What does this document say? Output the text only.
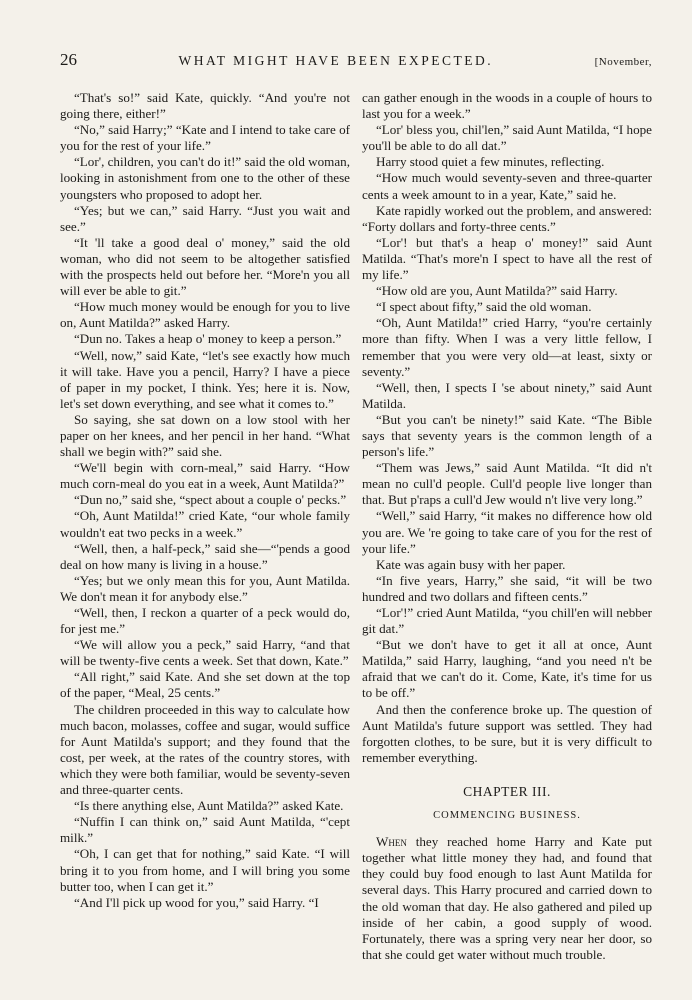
26	WHAT MIGHT HAVE BEEN EXPECTED.	[November,

“That's so!” said Kate, quickly. “And you're not going there, either!”

“No,” said Harry;” “Kate and I intend to take care of you for the rest of your life.”

“Lor', children, you can't do it!” said the old woman, looking in astonishment from one to the other of these youngsters who proposed to adopt her.

“Yes; but we can,” said Harry. “Just you wait and see.”

“It 'll take a good deal o' money,” said the old woman, who did not seem to be altogether satisfied with the prospects held out before her. “More'n you all will ever be able to git.”

“How much money would be enough for you to live on, Aunt Matilda?” asked Harry.

“Dun no. Takes a heap o' money to keep a person.”

“Well, now,” said Kate, “let's see exactly how much it will take. Have you a pencil, Harry? I have a piece of paper in my pocket, I think. Yes; here it is. Now, let's set down everything, and see what it comes to.”

So saying, she sat down on a low stool with her paper on her knees, and her pencil in her hand. “What shall we begin with?” said she.

“We'll begin with corn-meal,” said Harry. “How much corn-meal do you eat in a week, Aunt Matilda?”

“Dun no,” said she, “spect about a couple o' pecks.”

“Oh, Aunt Matilda!” cried Kate, “our whole family wouldn't eat two pecks in a week.”

“Well, then, a half-peck,” said she—“'pends a good deal on how many is living in a house.”

“Yes; but we only mean this for you, Aunt Matilda. We don't mean it for anybody else.”

“Well, then, I reckon a quarter of a peck would do, for jest me.”

“We will allow you a peck,” said Harry, “and that will be twenty-five cents a week. Set that down, Kate.”

“All right,” said Kate. And she set down at the top of the paper, “Meal, 25 cents.”

The children proceeded in this way to calculate how much bacon, molasses, coffee and sugar, would suffice for Aunt Matilda's support; and they found that the cost, per week, at the rates of the country stores, with which they were both familiar, would be seventy-seven and three-quarter cents.

“Is there anything else, Aunt Matilda?” asked Kate.

“Nuffin I can think on,” said Aunt Matilda, “'cept milk.”

“Oh, I can get that for nothing,” said Kate. “I will bring it to you from home, and I will bring you some butter too, when I can get it.”

“And I'll pick up wood for you,” said Harry. “I

can gather enough in the woods in a couple of hours to last you for a week.”

“Lor' bless you, chil'len,” said Aunt Matilda, “I hope you'll be able to do all dat.”

Harry stood quiet a few minutes, reflecting.

“How much would seventy-seven and three-quarter cents a week amount to in a year, Kate,” said he.

Kate rapidly worked out the problem, and answered: “Forty dollars and forty-three cents.”

“Lor'! but that's a heap o' money!” said Aunt Matilda. “That's more'n I spect to have all the rest of my life.”

“How old are you, Aunt Matilda?” said Harry.

“I spect about fifty,” said the old woman.

“Oh, Aunt Matilda!” cried Harry, “you're certainly more than fifty. When I was a very little fellow, I remember that you were very old—at least, sixty or seventy.”

“Well, then, I spects I 'se about ninety,” said Aunt Matilda.

“But you can't be ninety!” said Kate. “The Bible says that seventy years is the common length of a person's life.”

“Them was Jews,” said Aunt Matilda. “It did n't mean no cull'd people. Cull'd people live longer than that. But p'raps a cull'd Jew would n't live very long.”

“Well,” said Harry, “it makes no difference how old you are. We 're going to take care of you for the rest of your life.”

Kate was again busy with her paper.

“In five years, Harry,” she said, “it will be two hundred and two dollars and fifteen cents.”

“Lor'!” cried Aunt Matilda, “you chill'en will nebber git dat.”

“But we don't have to get it all at once, Aunt Matilda,” said Harry, laughing, “and you need n't be afraid that we can't do it. Come, Kate, it's time for us to be off.”

And then the conference broke up. The question of Aunt Matilda's future support was settled. They had forgotten clothes, to be sure, but it is very difficult to remember everything.

CHAPTER III.
COMMENCING BUSINESS.

When they reached home Harry and Kate put together what little money they had, and found that they could buy food enough to last Aunt Matilda for several days. This Harry procured and carried down to the old woman that day. He also gathered and piled up inside of her cabin, a good supply of wood. Fortunately, there was a spring very near her door, so that she could get water without much trouble.
